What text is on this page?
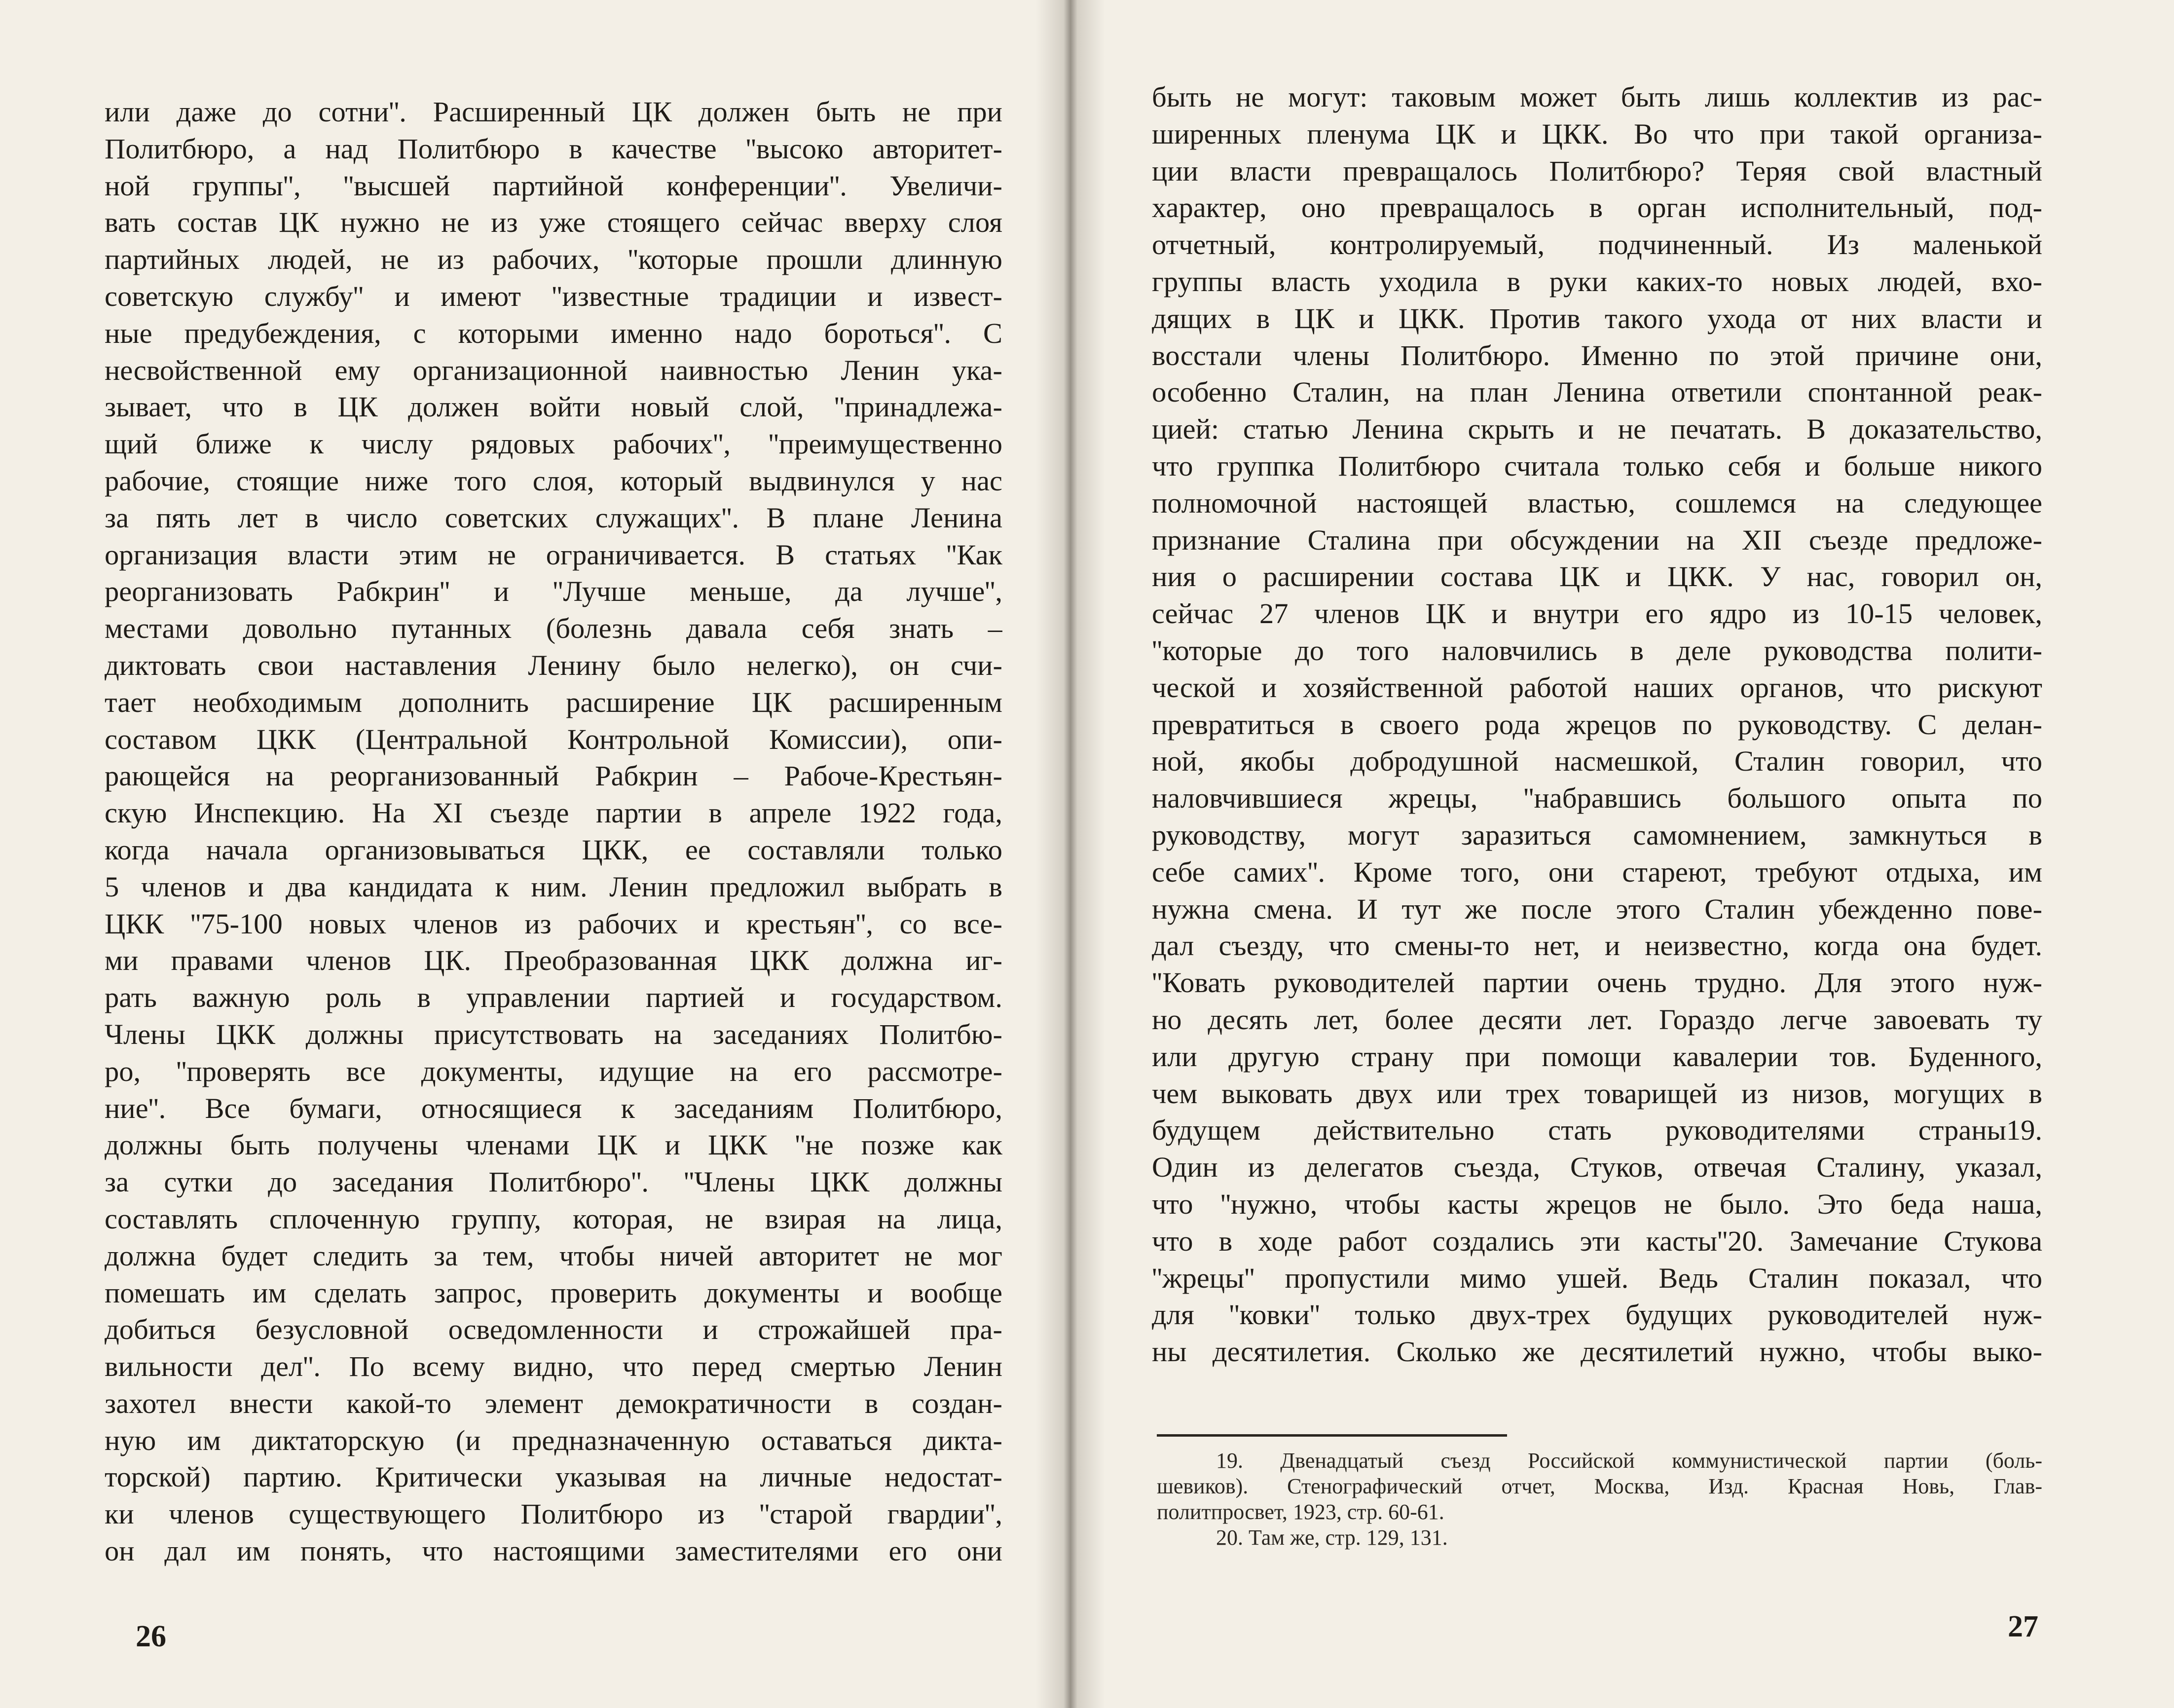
или даже до сотни''. Расширенный ЦК должен быть не при
Политбюро, а над Политбюро в качестве ''высоко авторитет-
ной группы'', ''высшей партийной конференции''. Увеличи-
вать состав ЦК нужно не из уже стоящего сейчас вверху слоя
партийных людей, не из рабочих, ''которые прошли длинную
советскую службу'' и имеют ''известные традиции и извест-
ные предубеждения, с которыми именно надо бороться''. С
несвойственной ему организационной наивностью Ленин ука-
зывает, что в ЦК должен войти новый слой, ''принадлежа-
щий ближе к числу рядовых рабочих'', ''преимущественно
рабочие, стоящие ниже того слоя, который выдвинулся у нас
за пять лет в число советских служащих''. В плане Ленина
организация власти этим не ограничивается. В статьях ''Как
реорганизовать Рабкрин'' и ''Лучше меньше, да лучше'',
местами довольно путанных (болезнь давала себя знать –
диктовать свои наставления Ленину было нелегко), он счи-
тает необходимым дополнить расширение ЦК расширенным
составом ЦКК (Центральной Контрольной Комиссии), опи-
рающейся на реорганизованный Рабкрин – Рабоче-Крестьян-
скую Инспекцию. На XI съезде партии в апреле 1922 года,
когда начала организовываться ЦКК, ее составляли только
5 членов и два кандидата к ним. Ленин предложил выбрать в
ЦКК ''75-100 новых членов из рабочих и крестьян'', со все-
ми правами членов ЦК. Преобразованная ЦКК должна иг-
рать важную роль в управлении партией и государством.
Члены ЦКК должны присутствовать на заседаниях Политбю-
ро, ''проверять все документы, идущие на его рассмотре-
ние''. Все бумаги, относящиеся к заседаниям Политбюро,
должны быть получены членами ЦК и ЦКК ''не позже как
за сутки до заседания Политбюро''. ''Члены ЦКК должны
составлять сплоченную группу, которая, не взирая на лица,
должна будет следить за тем, чтобы ничей авторитет не мог
помешать им сделать запрос, проверить документы и вообще
добиться безусловной осведомленности и строжайшей пра-
вильности дел''. По всему видно, что перед смертью Ленин
захотел внести какой-то элемент демократичности в создан-
ную им диктаторскую (и предназначенную оставаться дикта-
торской) партию. Критически указывая на личные недостат-
ки членов существующего Политбюро из ''старой гвардии'',
он дал им понять, что настоящими заместителями его они
26
быть не могут: таковым может быть лишь коллектив из рас-
ширенных пленума ЦК и ЦКК. Во что при такой организа-
ции власти превращалось Политбюро? Теряя свой властный
характер, оно превращалось в орган исполнительный, под-
отчетный, контролируемый, подчиненный. Из маленькой
группы власть уходила в руки каких-то новых людей, вхо-
дящих в ЦК и ЦКК. Против такого ухода от них власти и
восстали члены Политбюро. Именно по этой причине они,
особенно Сталин, на план Ленина ответили спонтанной реак-
цией: статью Ленина скрыть и не печатать. В доказательство,
что группка Политбюро считала только себя и больше никого
полномочной настоящей властью, сошлемся на следующее
признание Сталина при обсуждении на XII съезде предложе-
ния о расширении состава ЦК и ЦКК. У нас, говорил он,
сейчас 27 членов ЦК и внутри его ядро из 10-15 человек,
''которые до того наловчились в деле руководства полити-
ческой и хозяйственной работой наших органов, что рискуют
превратиться в своего рода жрецов по руководству. С делан-
ной, якобы добродушной насмешкой, Сталин говорил, что
наловчившиеся жрецы, ''набравшись большого опыта по
руководству, могут заразиться самомнением, замкнуться в
себе самих''. Кроме того, они стареют, требуют отдыха, им
нужна смена. И тут же после этого Сталин убежденно пове-
дал съезду, что смены-то нет, и неизвестно, когда она будет.
''Ковать руководителей партии очень трудно. Для этого нуж-
но десять лет, более десяти лет. Гораздо легче завоевать ту
или другую страну при помощи кавалерии тов. Буденного,
чем выковать двух или трех товарищей из низов, могущих в
будущем действительно стать руководителями страны19.
Один из делегатов съезда, Стуков, отвечая Сталину, указал,
что ''нужно, чтобы касты жрецов не было. Это беда наша,
что в ходе работ создались эти касты''20. Замечание Стукова
''жрецы'' пропустили мимо ушей. Ведь Сталин показал, что
для ''ковки'' только двух-трех будущих руководителей нуж-
ны десятилетия. Сколько же десятилетий нужно, чтобы выко-
19. Двенадцатый съезд Российской коммунистической партии (боль-
шевиков). Стенографический отчет, Москва, Изд. Красная Новь, Глав-
политпросвет, 1923, стр. 60-61.
20. Там же, стр. 129, 131.
27
